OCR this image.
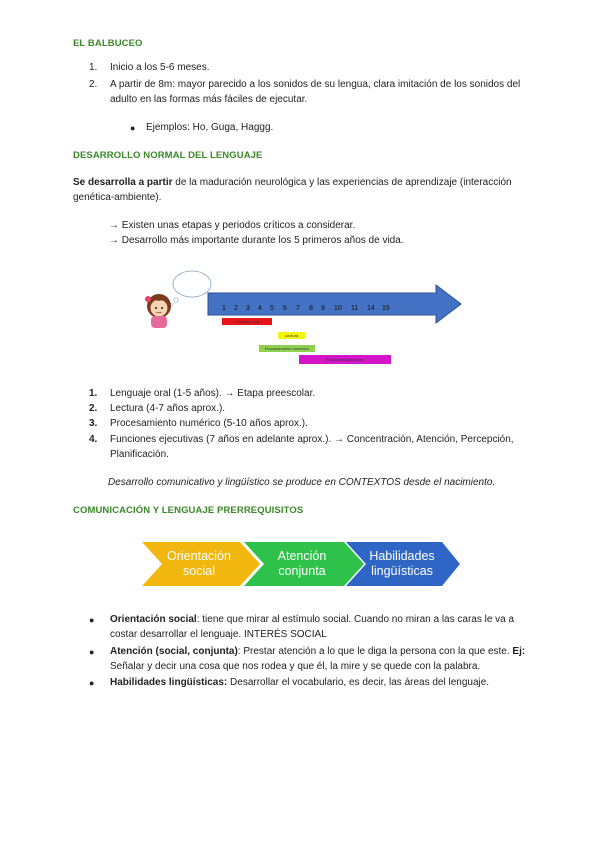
EL BALBUCEO
1. Inicio a los 5-6 meses.
2. A partir de 8m: mayor parecido a los sonidos de su lengua, clara imitación de los sonidos del
adulto en las formas más fáciles de ejecutar.
● Ejemplos: Ho, Guga, Haggg.
DESARROLLO NORMAL DEL LENGUAJE
Se desarrolla a partir de la maduración neurológica y las experiencias de aprendizaje (interacción
genética-ambiente).
→ Existen unas etapas y periodos críticos a considerar.
→ Desarrollo más importante durante los 5 primeros años de vida.
1 2 3 4 5 6 7 8 9 10 11 14 15
Lenguaje oral
Lectura
Procesamiento numérico
Funciones ejecutivas
1. Lenguaje oral (1-5 años). → Etapa preescolar.
2. Lectura (4-7 años aprox.).
3. Procesamiento numérico (5-10 años aprox.).
4. Funciones ejecutivas (7 años en adelante aprox.). → Concentración, Atención, Percepción,
Planificación.
Desarrollo comunicativo y lingüístico se produce en CONTEXTOS desde el nacimiento.
COMUNICACIÓN Y LENGUAJE PRERREQUISITOS
Orientación
social
Atención
conjunta
Habilidades
lingüísticas
● Orientación social: tiene que mirar al estímulo social. Cuando no miran a las caras le va a
costar desarrollar el lenguaje. INTERÉS SOCIAL
● Atención (social, conjunta): Prestar atención a lo que le diga la persona con la que este. Ej:
Señalar y decir una cosa que nos rodea y que él, la mire y se quede con la palabra.
● Habilidades lingüísticas: Desarrollar el vocabulario, es decir, las áreas del lenguaje.
